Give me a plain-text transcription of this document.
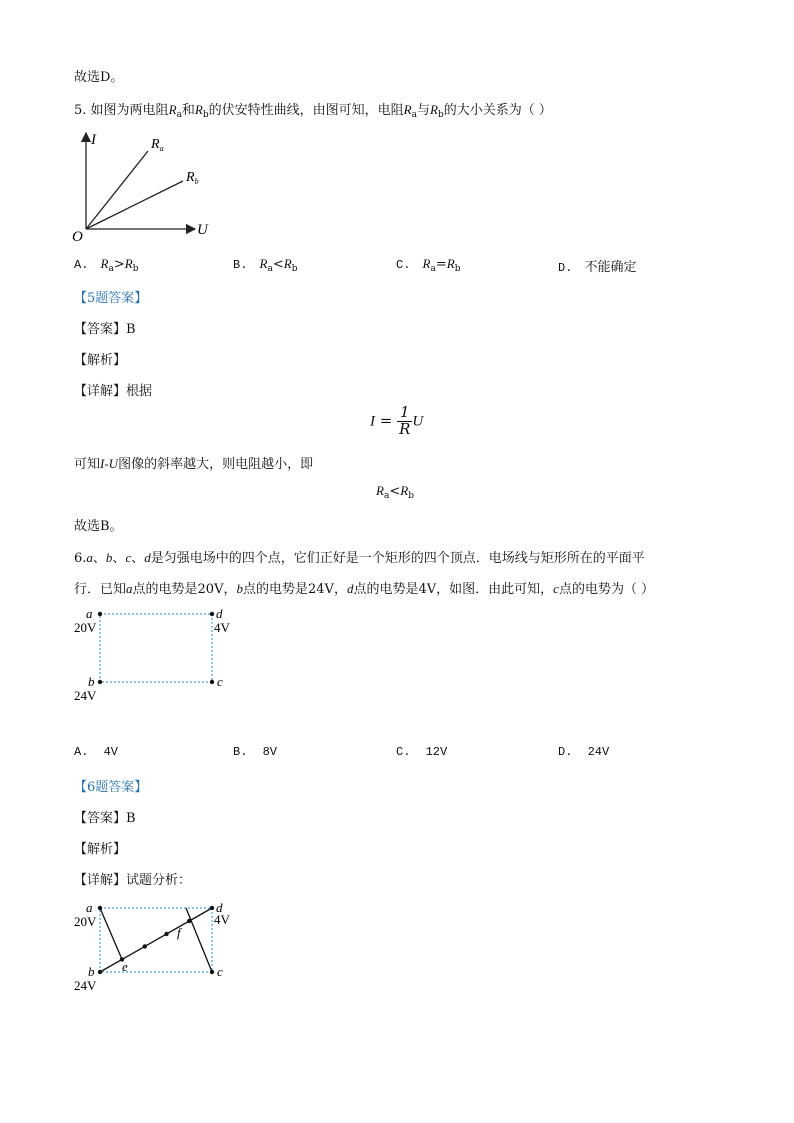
故选D。
5. 如图为两电阻$R_a$和$R_b$的伏安特性曲线，由图可知，电阻$R_a$与$R_b$的大小关系为（ ）
I
U
O
$R_a$
$R_b$
A. $R_a>R_b$	B. $R_a<R_b$	C. $R_a=R_b$	D. 不能确定
【5题答案】
【答案】B
【解析】
【详解】根据
$I = \frac{1}{R}$ U
可知I-U图像的斜率越大，则电阻越小，即
$R_a<R_b$
故选B。
6.a、b、c、d是匀强电场中的四个点，它们正好是一个矩形的四个顶点．电场线与矩形所在的平面平
行．已知a点的电势是20V，b点的电势是24V，d点的电势是4V，如图．由此可知，c点的电势为（ ）
a
20V
d
4V
b
24V
c
A. 4V	B. 8V	C. 12V	D. 24V
【6题答案】
【答案】B
【解析】
【详解】试题分析：
a
20V
d
4V
b
24V
c
e
f
